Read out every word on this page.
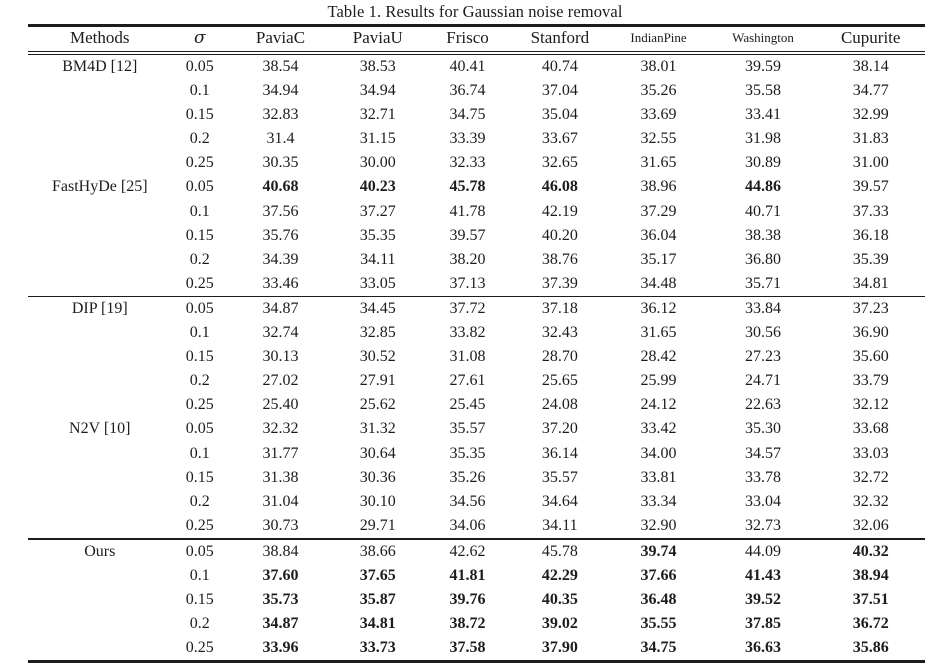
Table 1. Results for Gaussian noise removal
Methods	σ	PaviaC	PaviaU	Frisco	Stanford	IndianPine	Washington	Cupurite
BM4D [12]	0.05	38.54	38.53	40.41	40.74	38.01	39.59	38.14
	0.1	34.94	34.94	36.74	37.04	35.26	35.58	34.77
	0.15	32.83	32.71	34.75	35.04	33.69	33.41	32.99
	0.2	31.4	31.15	33.39	33.67	32.55	31.98	31.83
	0.25	30.35	30.00	32.33	32.65	31.65	30.89	31.00
FastHyDe [25]	0.05	40.68	40.23	45.78	46.08	38.96	44.86	39.57
	0.1	37.56	37.27	41.78	42.19	37.29	40.71	37.33
	0.15	35.76	35.35	39.57	40.20	36.04	38.38	36.18
	0.2	34.39	34.11	38.20	38.76	35.17	36.80	35.39
	0.25	33.46	33.05	37.13	37.39	34.48	35.71	34.81
DIP [19]	0.05	34.87	34.45	37.72	37.18	36.12	33.84	37.23
	0.1	32.74	32.85	33.82	32.43	31.65	30.56	36.90
	0.15	30.13	30.52	31.08	28.70	28.42	27.23	35.60
	0.2	27.02	27.91	27.61	25.65	25.99	24.71	33.79
	0.25	25.40	25.62	25.45	24.08	24.12	22.63	32.12
N2V [10]	0.05	32.32	31.32	35.57	37.20	33.42	35.30	33.68
	0.1	31.77	30.64	35.35	36.14	34.00	34.57	33.03
	0.15	31.38	30.36	35.26	35.57	33.81	33.78	32.72
	0.2	31.04	30.10	34.56	34.64	33.34	33.04	32.32
	0.25	30.73	29.71	34.06	34.11	32.90	32.73	32.06
Ours	0.05	38.84	38.66	42.62	45.78	39.74	44.09	40.32
	0.1	37.60	37.65	41.81	42.29	37.66	41.43	38.94
	0.15	35.73	35.87	39.76	40.35	36.48	39.52	37.51
	0.2	34.87	34.81	38.72	39.02	35.55	37.85	36.72
	0.25	33.96	33.73	37.58	37.90	34.75	36.63	35.86
